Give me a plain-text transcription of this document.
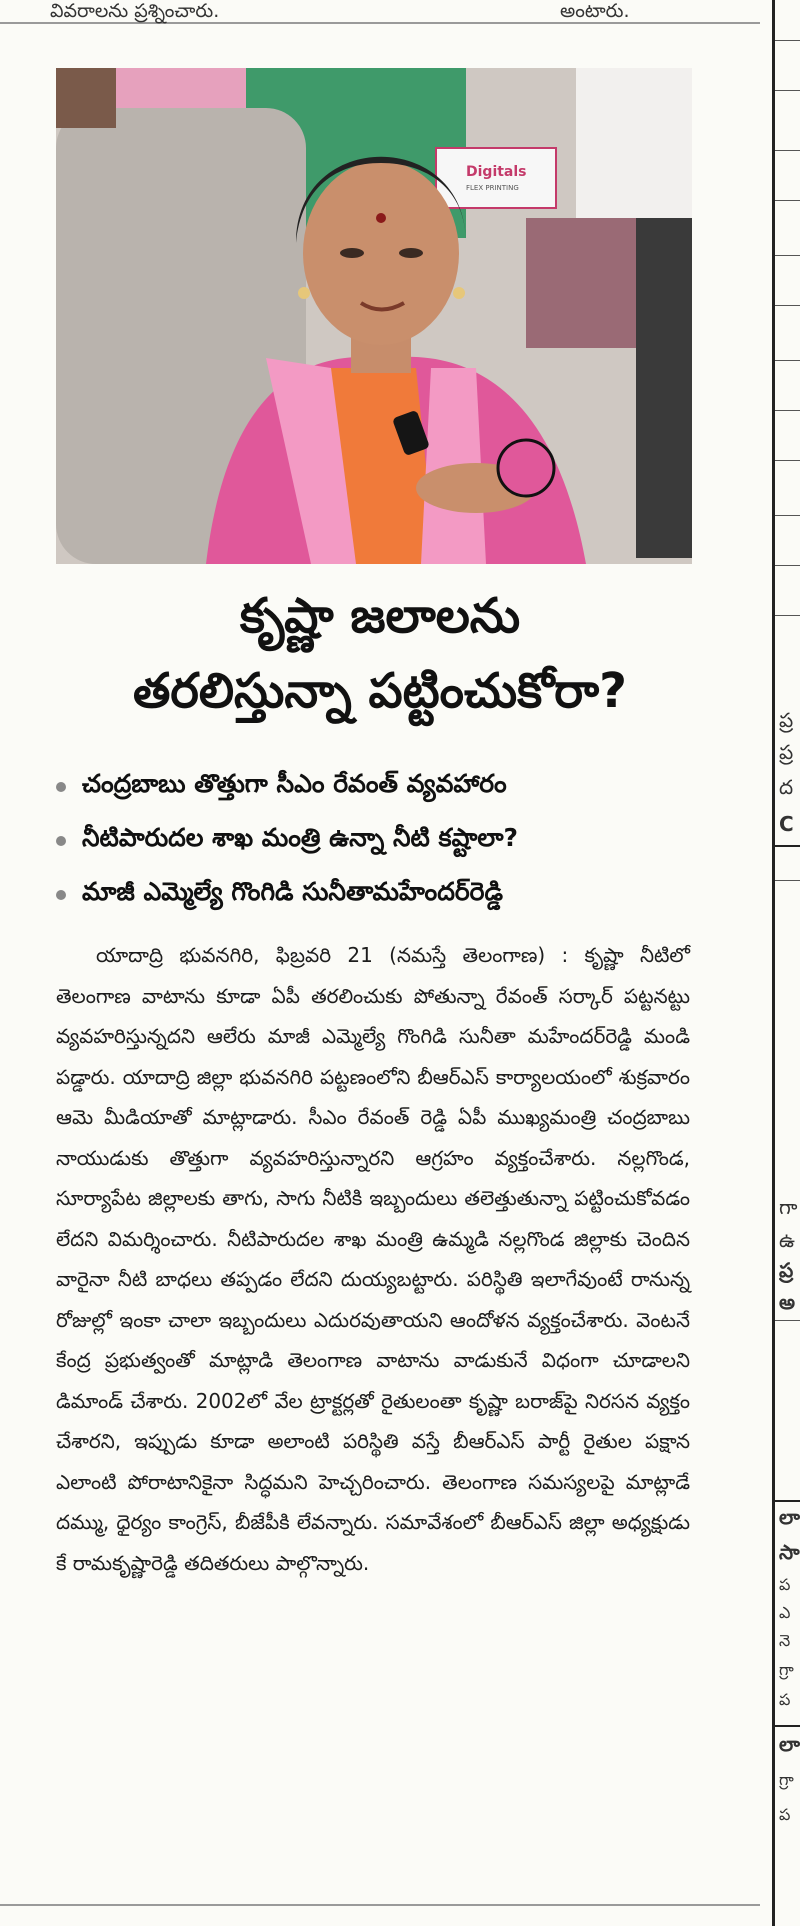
వివరాలను ప్రశ్నించారు.	అంటారు.
ప్ర
ప్ర
ద
C
గా
ఉ
ప్ర
అ
లా
సా
ప
ఎ
నె
గ్రా
ప
లా
గ్రా
ప
Digitals
FLEX PRINTING
కృష్ణా జలాలను
తరలిస్తున్నా పట్టించుకోరా?
చంద్రబాబు తొత్తుగా సీఎం రేవంత్ వ్యవహారం
నీటిపారుదల శాఖ మంత్రి ఉన్నా నీటి కష్టాలా?
మాజీ ఎమ్మెల్యే గొంగిడి సునీతామహేందర్‌రెడ్డి

యాదాద్రి భువనగిరి, ఫిబ్రవరి 21 (నమస్తే తెలంగాణ) : కృష్ణా నీటిలో తెలంగాణ వాటాను కూడా ఏపీ తరలించుకు పోతున్నా రేవంత్ సర్కార్ పట్టనట్టు వ్యవహరిస్తున్నదని ఆలేరు మాజీ ఎమ్మెల్యే గొంగిడి సునీతా మహేందర్‌రెడ్డి మండి పడ్డారు. యాదాద్రి జిల్లా భువనగిరి పట్టణంలోని బీఆర్‌ఎస్ కార్యాలయంలో శుక్రవారం ఆమె మీడియాతో మాట్లాడారు. సీఎం రేవంత్ రెడ్డి ఏపీ ముఖ్యమంత్రి చంద్రబాబు నాయుడుకు తొత్తుగా వ్యవహరిస్తున్నారని ఆగ్రహం వ్యక్తంచేశారు. నల్లగొండ, సూర్యాపేట జిల్లాలకు తాగు, సాగు నీటికి ఇబ్బందులు తలెత్తుతున్నా పట్టించుకోవడం లేదని విమర్శించారు. నీటిపారుదల శాఖ మంత్రి ఉమ్మడి నల్లగొండ జిల్లాకు చెందిన వారైనా నీటి బాధలు తప్పడం లేదని దుయ్యబట్టారు. పరిస్థితి ఇలాగేవుంటే రానున్న రోజుల్లో ఇంకా చాలా ఇబ్బందులు ఎదురవుతాయని ఆందోళన వ్యక్తంచేశారు. వెంటనే కేంద్ర ప్రభుత్వంతో మాట్లాడి తెలంగాణ వాటాను వాడుకునే విధంగా చూడాలని డిమాండ్ చేశారు. 2002లో వేల ట్రాక్టర్లతో రైతులంతా కృష్ణా బరాజ్‌పై నిరసన వ్యక్తం చేశారని, ఇప్పుడు కూడా అలాంటి పరిస్థితి వస్తే బీఆర్‌ఎస్ పార్టీ రైతుల పక్షాన ఎలాంటి పోరాటానికైనా సిద్ధమని హెచ్చరించారు. తెలంగాణ సమస్యలపై మాట్లాడే దమ్ము, ధైర్యం కాంగ్రెస్, బీజేపీకి లేవన్నారు. సమావేశంలో బీఆర్‌ఎస్ జిల్లా అధ్యక్షుడు కే రామకృష్ణారెడ్డి తదితరులు పాల్గొన్నారు.
